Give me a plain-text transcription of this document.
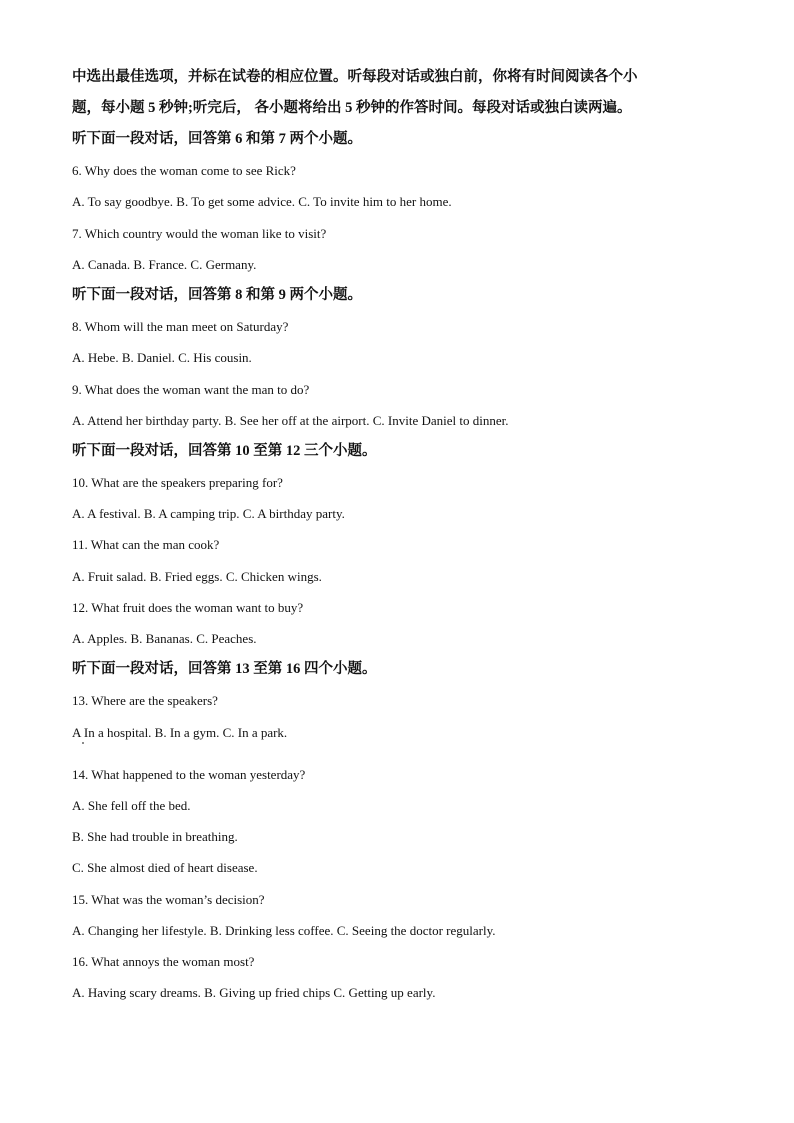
中选出最佳选项，并标在试卷的相应位置。听每段对话或独白前，你将有时间阅读各个小

题，每小题 5 秒钟;听完后， 各小题将给出 5 秒钟的作答时间。每段对话或独白读两遍。

听下面一段对话，回答第 6 和第 7 两个小题。

6. Why does the woman come to see Rick?

A. To say goodbye. B. To get some advice. C. To invite him to her home.

7. Which country would the woman like to visit?

A. Canada. B. France. C. Germany.

听下面一段对话，回答第 8 和第 9 两个小题。

8. Whom will the man meet on Saturday?

A. Hebe. B. Daniel. C. His cousin.

9. What does the woman want the man to do?

A. Attend her birthday party. B. See her off at the airport. C. Invite Daniel to dinner.

听下面一段对话，回答第 10 至第 12 三个小题。

10. What are the speakers preparing for?

A. A festival. B. A camping trip. C. A birthday party.

11. What can the man cook?

A. Fruit salad. B. Fried eggs. C. Chicken wings.

12. What fruit does the woman want to buy?

A. Apples. B. Bananas. C. Peaches.

听下面一段对话，回答第 13 至第 16 四个小题。

13. Where are the speakers?

A In a hospital. B. In a gym. C. In a park.

14. What happened to the woman yesterday?

A. She fell off the bed.

B. She had trouble in breathing.

C. She almost died of heart disease.

15. What was the woman’s decision?

A. Changing her lifestyle. B. Drinking less coffee. C. Seeing the doctor regularly.

16. What annoys the woman most?

A. Having scary dreams. B. Giving up fried chips C. Getting up early.
